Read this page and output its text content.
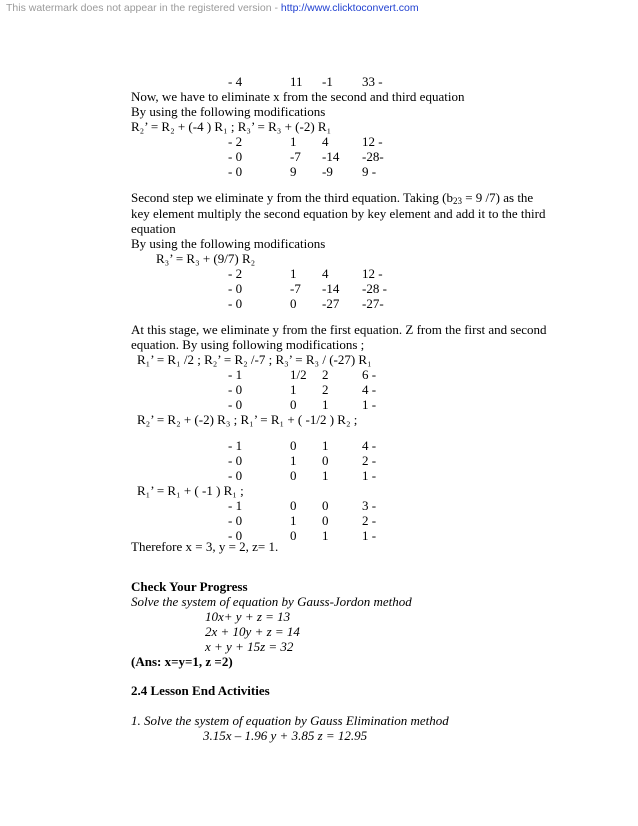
This watermark does not appear in the registered version - http://www.clicktoconvert.com
- 4	11 -1 33 -
Now, we have to eliminate x from the second and third equation
By using the following modifications
R₂’ = R₂ + (-4 ) R₁ ; R₃’ = R₃ + (-2) R₁
- 2	1 4	12 -
- 0	-7 -14 -28-
- 0	9 -9 9 -
Second step we eliminate y from the third equation. Taking ($b_{23} = 9$ /7) as the
key element multiply the second equation by key element and add it to the third
equation
By using the following modifications
R₃’ = R₃ + (9/7) R₂
- 2	1 4	12 -
- 0	-7 -14 -28 -
- 0	0 -27 -27-
At this stage, we eliminate y from the first equation. Z from the first and second
equation. By using following modifications ;
R₁’ = R₁ /2 ; R₂’ = R₂ /-7 ; R₃’ = R₃ / (-27) R₁
- 1	1/2 2	6 -
- 0	1 2	4 -
- 0	0 1	1 -
R₂’ = R₂ + (-2) R₃ ; R₁’ = R₁ + ( -1/2 ) R₂ ;
- 1	0 1	4 -
- 0	1 0	2 -
- 0	0 1	1 -
R₁’ = R₁ + ( -1 ) R₁ ;
- 1	0 0	3 -
- 0	1 0	2 -
- 0	0 1	1 -
Therefore x = 3, y = 2, z= 1.
Check Your Progress
Solve the system of equation by Gauss-Jordon method
10x+ y + z = 13
2x + 10y + z = 14
x + y + 15z = 32
(Ans: x=y=1, z =2)
2.4 Lesson End Activities
1. Solve the system of equation by Gauss Elimination method
3.15x – 1.96 y + 3.85 z = 12.95
